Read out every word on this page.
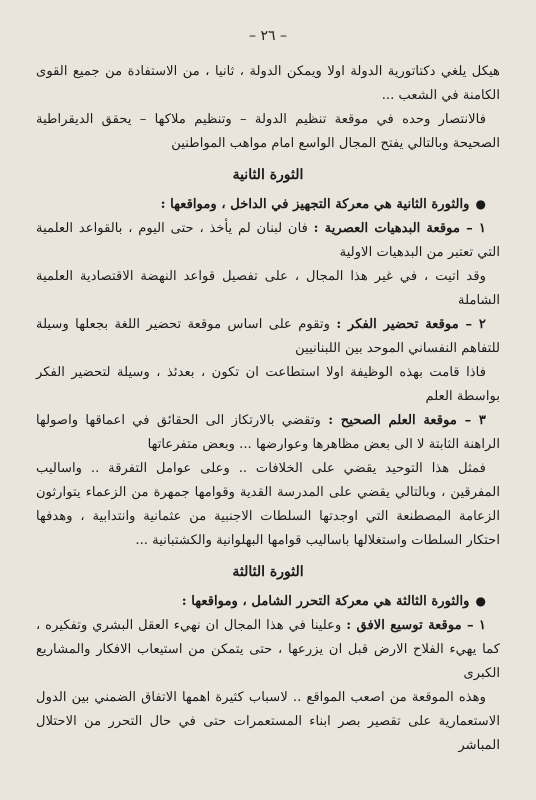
– ٢٦ –

هيكل يلغي دكتاتورية الدولة اولا ويمكن الدولة ، ثانيا ، من الاستفادة من جميع القوى الكامنة في الشعب ...

فالانتصار وحده في موقعة تنظيم الدولة – وتنظيم ملاكها – يحقق الديقراطية الصحيحة وبالتالي يفتح المجال الواسع امام مواهب المواطنين

الثورة الثانية

●والثورة الثانية هي معركة التجهيز في الداخل ، ومواقعها :

١ – موقعة البدهيات العصرية : فان لبنان لم يأخذ ، حتى اليوم ، بالقواعد العلمية التي تعتبر من البدهيات الاولية

وقد اتيت ، في غير هذا المجال ، على تفصيل قواعد النهضة الاقتصادية العلمية الشاملة

٢ – موقعة تحضير الفكر : وتقوم على اساس موقعة تحضير اللغة بجعلها وسيلة للتفاهم النفساني الموحد بين اللبنانيين

فاذا قامت بهذه الوظيفة اولا استطاعت ان تكون ، بعدئذ ، وسيلة لتحضير الفكر بواسطة العلم

٣ – موقعة العلم الصحيح : وتقضي بالارتكاز الى الحقائق في اعماقها واصولها الراهنة الثابتة لا الى بعض مظاهرها وعوارضها ... وبعض متفرعاتها

فمثل هذا التوحيد يقضي على الخلافات .. وعلى عوامل التفرقة .. واساليب المفرقين ، وبالتالي يقضي على المدرسة القدية وقوامها جمهرة من الزعماء يتوارثون الزعامة المصطنعة التي اوجدتها السلطات الاجنبية من عثمانية وانتدابية ، وهدفها احتكار السلطات واستغلالها باساليب قوامها البهلوانية والكشتبانية ...

الثورة الثالثة

●والثورة الثالثة هي معركة التحرر الشامل ، ومواقعها :

١ – موقعة توسيع الافق : وعلينا في هذا المجال ان نهيء العقل البشري وتفكيره ، كما يهيء الفلاح الارض قبل ان يزرعها ، حتى يتمكن من استيعاب الافكار والمشاريع الكبرى

وهذه الموقعة من اصعب المواقع .. لاسباب كثيرة اهمها الاتفاق الضمني بين الدول الاستعمارية على تقصير بصر ابناء المستعمرات حتى في حال التحرر من الاحتلال المباشر
